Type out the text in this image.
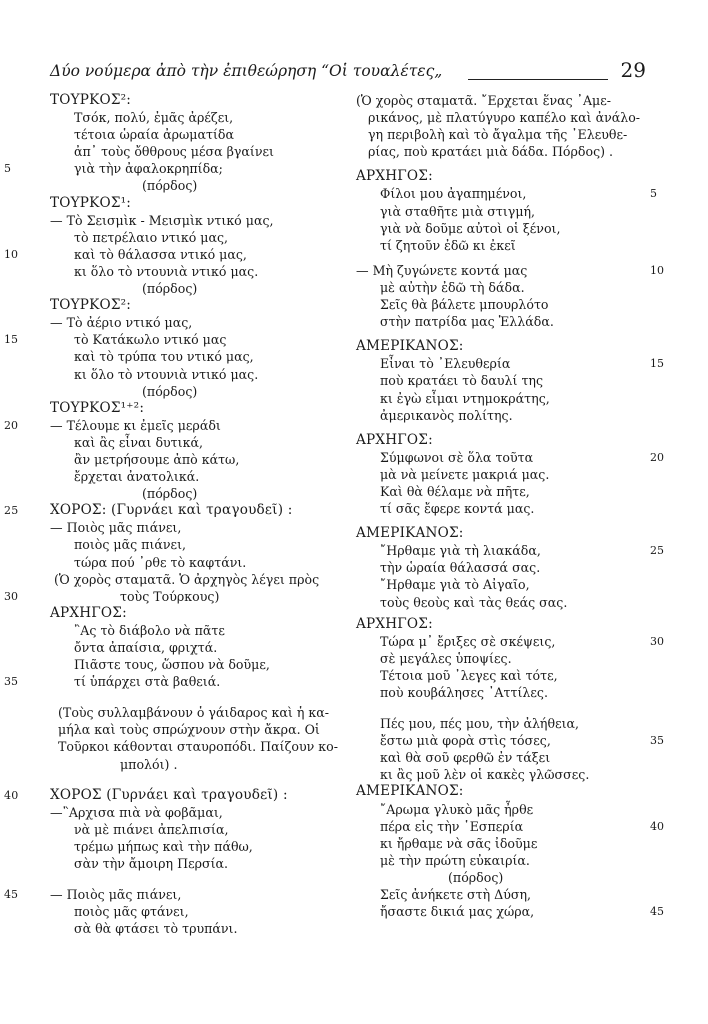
Δύο νούμερα ἀπὸ τὴν ἐπιθεώρηση “Οἱ τουαλέτες„	29
ΤΟΥΡΚΟΣ²:
Τσόκ, πολύ, ἐμᾶς ἀρέζει,
τέτοια ὡραία ἀρωματίδα
ἀπ᾽ τοὺς ὄθθρους μέσα βγαίνει
γιὰ τὴν ἀφαλοκρηπίδα;
5
(πόρδος)
ΤΟΥΡΚΟΣ¹:
— Τὸ Σεισμὶκ - Μεισμὶκ ντικό μας,
τὸ πετρέλαιο ντικό μας,
καὶ τὸ θάλασσα ντικό μας,
10
κι ὅλο τὸ ντουνιὰ ντικό μας.
(πόρδος)
ΤΟΥΡΚΟΣ²:
— Τὸ ἀέριο ντικό μας,
τὸ Κατάκωλο ντικό μας
15
καὶ τὸ τρύπα του ντικό μας,
κι ὅλο τὸ ντουνιὰ ντικό μας.
(πόρδος)
ΤΟΥΡΚΟΣ¹⁺²:
— Τέλουμε κι ἐμεῖς μεράδι
20
καὶ ἂς εἶναι δυτικά,
ἂν μετρήσουμε ἀπὸ κάτω,
ἔρχεται ἀνατολικά.
(πόρδος)
ΧΟΡΟΣ: (Γυρνάει καὶ τραγουδεῖ) :
25
— Ποιὸς μᾶς πιάνει,
ποιὸς μᾶς πιάνει,
τώρα πού ᾽ρθε τὸ καφτάνι.
(Ὁ χορὸς σταματᾶ. Ὁ ἀρχηγὸς λέγει πρὸς
τοὺς Τούρκους)
30
ΑΡΧΗΓΟΣ:
῍Ας τὸ διάβολο νὰ πᾶτε
ὄντα ἀπαίσια, φριχτά.
Πιᾶστε τους, ὥσπου νὰ δοῦμε,
τί ὑπάρχει στὰ βαθειά.
35
(Τοὺς συλλαμβάνουν ὁ γάιδαρος καὶ ἡ κα-
μήλα καὶ τοὺς σπρώχνουν στὴν ἄκρα. Οἱ
Τοῦρκοι κάθονται σταυροπόδι. Παίζουν κο-
μπολόι) .
ΧΟΡΟΣ (Γυρνάει καὶ τραγουδεῖ) :
40
—῍Αρχισα πιὰ νὰ φοβᾶμαι,
νὰ μὲ πιάνει ἀπελπισία,
τρέμω μήπως καὶ τὴν πάθω,
σὰν τὴν ἄμοιρη Περσία.
— Ποιὸς μᾶς πιάνει,
45
ποιὸς μᾶς φτάνει,
σὰ θὰ φτάσει τὸ τρυπάνι.
(Ὁ χορὸς σταματᾶ. ῎Ερχεται ἕνας ᾽Αμε-
ρικάνος, μὲ πλατύγυρο καπέλο καὶ ἀνάλο-
γη περιβολὴ καὶ τὸ ἄγαλμα τῆς ᾽Ελευθε-
ρίας, ποὺ κρατάει μιὰ δάδα. Πόρδος) .
ΑΡΧΗΓΟΣ:
Φίλοι μου ἀγαπημένοι,	5
γιὰ σταθῆτε μιὰ στιγμή,
γιὰ νὰ δοῦμε αὐτοὶ οἱ ξένοι,
τί ζητοῦν ἐδῶ κι ἐκεῖ
— Μὴ ζυγώνετε κοντά μας	10
μὲ αὐτὴν ἐδῶ τὴ δάδα.
Σεῖς θὰ βάλετε μπουρλότο
στὴν πατρίδα μας Ἑλλάδα.
ΑΜΕΡΙΚΑΝΟΣ:
Εἶναι τὸ ᾽Ελευθερία	15
ποὺ κρατάει τὸ δαυλί της
κι ἐγὼ εἶμαι ντημοκράτης,
ἀμερικανὸς πολίτης.
ΑΡΧΗΓΟΣ:
Σύμφωνοι σὲ ὅλα τοῦτα	20
μὰ νὰ μείνετε μακριά μας.
Καὶ θὰ θέλαμε νὰ πῆτε,
τί σᾶς ἔφερε κοντά μας.
ΑΜΕΡΙΚΑΝΟΣ:
῎Ηρθαμε γιὰ τὴ λιακάδα,	25
τὴν ὡραία θάλασσά σας.
῎Ηρθαμε γιὰ τὸ Αἰγαῖο,
τοὺς θεοὺς καὶ τὰς θεάς σας.
ΑΡΧΗΓΟΣ:
Τώρα μ᾽ ἔριξες σὲ σκέψεις,	30
σὲ μεγάλες ὑποψίες.
Τέτοια μοῦ ᾽λεγες καὶ τότε,
ποὺ κουβάλησες ᾽Αττίλες.
Πές μου, πές μου, τὴν ἀλήθεια,
ἔστω μιὰ φορὰ στὶς τόσες,	35
καὶ θὰ σοῦ φερθῶ ἐν τάξει
κι ἂς μοῦ λὲν οἱ κακὲς γλῶσσες.
ΑΜΕΡΙΚΑΝΟΣ:
῎Αρωμα γλυκὸ μᾶς ἦρθε
πέρα εἰς τὴν ῾Εσπερία	40
κι ἤρθαμε νὰ σᾶς ἰδοῦμε
μὲ τὴν πρώτη εὐκαιρία.
(πόρδος)
Σεῖς ἀνήκετε στὴ Δύση,
ἤσαστε δικιά μας χώρα,	45
